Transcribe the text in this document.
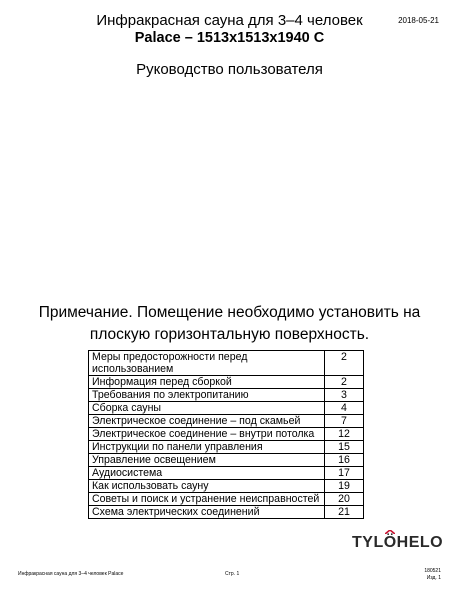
Инфракрасная сауна для 3–4 человек
Palace – 1513x1513x1940 C
2018-05-21
Руководство пользователя
Примечание. Помещение необходимо установить на плоскую горизонтальную поверхность.
Меры предосторожности перед использованием	2
Информация перед сборкой	2
Требования по электропитанию	3
Сборка сауны	4
Электрическое соединение – под скамьей	7
Электрическое соединение – внутри потолка	12
Инструкции по панели управления	15
Управление освещением	16
Аудиосистема	17
Как использовать сауну	19
Советы и поиск и устранение неисправностей	20
Схема электрических соединений	21
TYLÖ
HELO
Инфракрасная сауна для 3–4 человек Palace	Стр. 1	180521
Изд. 1
